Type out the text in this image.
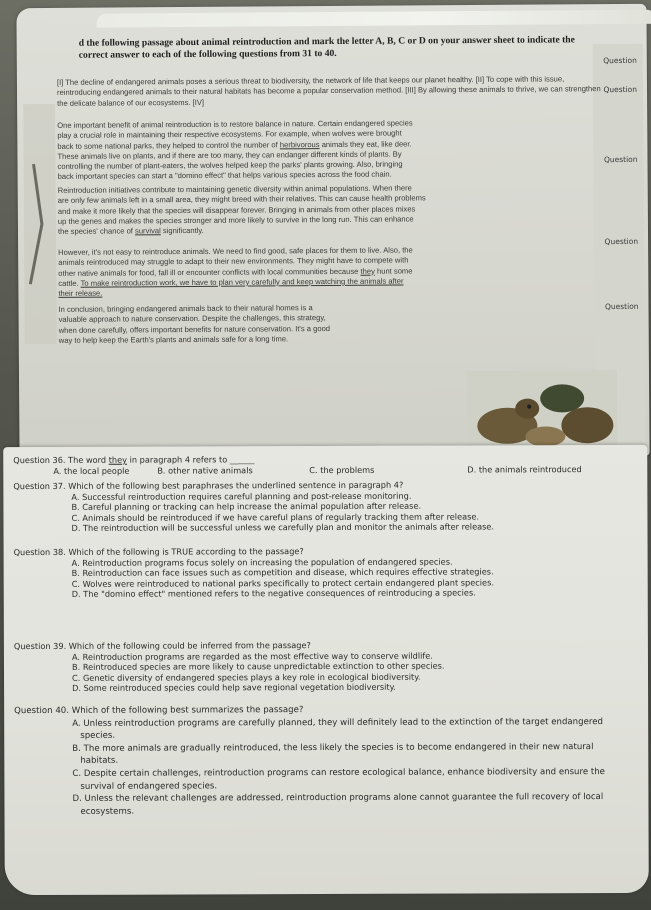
Question
Question
Question
Question
Question
d the following passage about animal reintroduction and mark the letter A, B, C or D on your answer sheet to indicate the correct answer to each of the following questions from 31 to 40.
[I] The decline of endangered animals poses a serious threat to biodiversity, the network of life that keeps our planet healthy. [II] To cope with this issue, reintroducing endangered animals to their natural habitats has become a popular conservation method. [III] By allowing these animals to thrive, we can strengthen the delicate balance of our ecosystems. [IV]
One important benefit of animal reintroduction is to restore balance in nature. Certain endangered species
play a crucial role in maintaining their respective ecosystems. For example, when wolves were brought
back to some national parks, they helped to control the number of herbivorous animals they eat, like deer.
These animals live on plants, and if there are too many, they can endanger different kinds of plants. By
controlling the number of plant-eaters, the wolves helped keep the parks' plants growing. Also, bringing
back important species can start a "domino effect" that helps various species across the food chain.
Reintroduction initiatives contribute to maintaining genetic diversity within animal populations. When there
are only few animals left in a small area, they might breed with their relatives. This can cause health problems
and make it more likely that the species will disappear forever. Bringing in animals from other places mixes
up the genes and makes the species stronger and more likely to survive in the long run. This can enhance
the species' chance of survival significantly.
However, it's not easy to reintroduce animals. We need to find good, safe places for them to live. Also, the
animals reintroduced may struggle to adapt to their new environments. They might have to compete with
other native animals for food, fall ill or encounter conflicts with local communities because they hunt some
cattle. To make reintroduction work, we have to plan very carefully and keep watching the animals after
their release.
In conclusion, bringing endangered animals back to their natural homes is a
valuable approach to nature conservation. Despite the challenges, this strategy,
when done carefully, offers important benefits for nature conservation. It's a good
way to help keep the Earth's plants and animals safe for a long time.
Question 36. The word they in paragraph 4 refers to ______
A. the local people	B. other native animals	C. the problems	D. the animals reintroduced
Question 37. Which of the following best paraphrases the underlined sentence in paragraph 4?
A. Successful reintroduction requires careful planning and post-release monitoring.
B. Careful planning or tracking can help increase the animal population after release.
C. Animals should be reintroduced if we have careful plans of regularly tracking them after release.
D. The reintroduction will be successful unless we carefully plan and monitor the animals after release.
Question 38. Which of the following is TRUE according to the passage?
A. Reintroduction programs focus solely on increasing the population of endangered species.
B. Reintroduction can face issues such as competition and disease, which requires effective strategies.
C. Wolves were reintroduced to national parks specifically to protect certain endangered plant species.
D. The "domino effect" mentioned refers to the negative consequences of reintroducing a species.
Question 39. Which of the following could be inferred from the passage?
A. Reintroduction programs are regarded as the most effective way to conserve wildlife.
B. Reintroduced species are more likely to cause unpredictable extinction to other species.
C. Genetic diversity of endangered species plays a key role in ecological biodiversity.
D. Some reintroduced species could help save regional vegetation biodiversity.
Question 40. Which of the following best summarizes the passage?
A. Unless reintroduction programs are carefully planned, they will definitely lead to the extinction of the target endangered species.
B. The more animals are gradually reintroduced, the less likely the species is to become endangered in their new natural habitats.
C. Despite certain challenges, reintroduction programs can restore ecological balance, enhance biodiversity and ensure the survival of endangered species.
D. Unless the relevant challenges are addressed, reintroduction programs alone cannot guarantee the full recovery of local ecosystems.
